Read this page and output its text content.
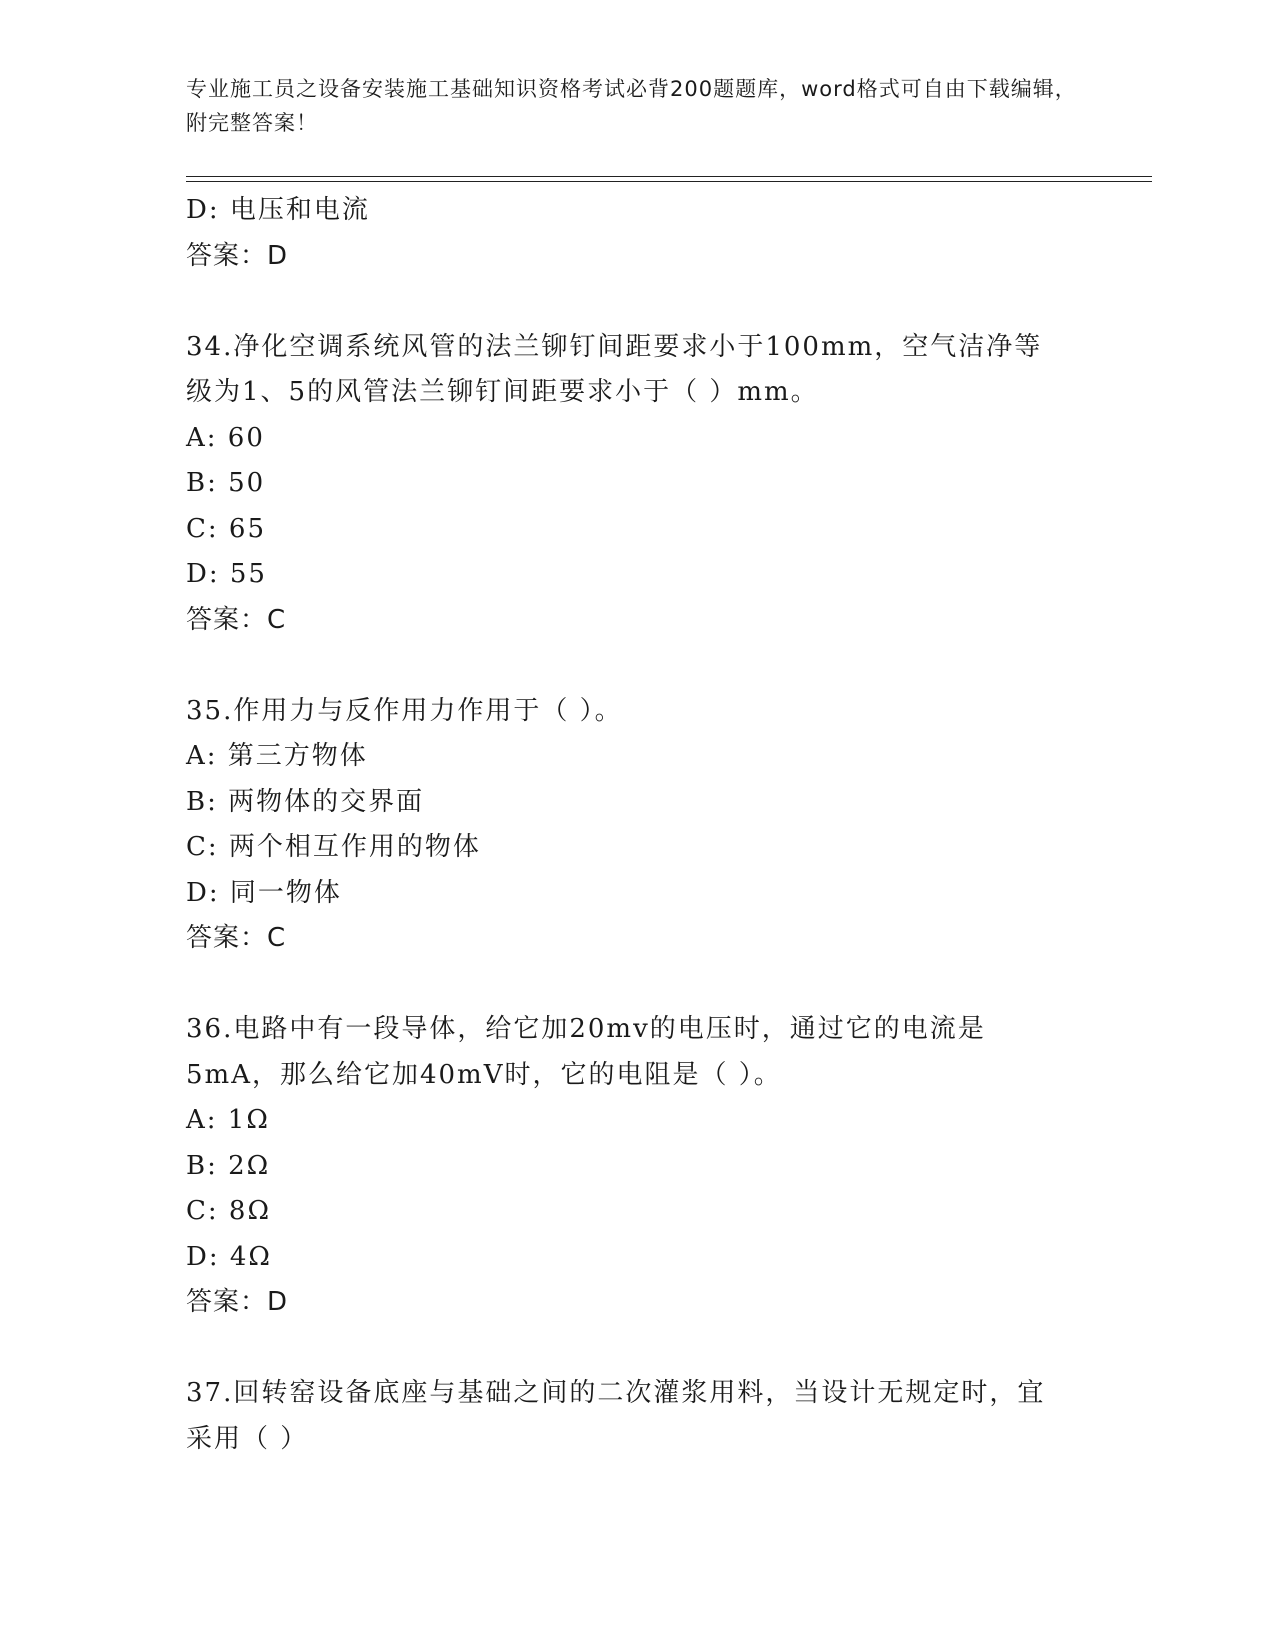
专业施工员之设备安装施工基础知识资格考试必背200题题库，word格式可自由下载编辑，附完整答案！
D: 电压和电流
答案：D
34.净化空调系统风管的法兰铆钉间距要求小于100mm，空气洁净等级为1、5的风管法兰铆钉间距要求小于（ ）mm。
A: 60
B: 50
C: 65
D: 55
答案：C
35.作用力与反作用力作用于（ ）。
A: 第三方物体
B: 两物体的交界面
C: 两个相互作用的物体
D: 同一物体
答案：C
36.电路中有一段导体，给它加20mv的电压时，通过它的电流是5mA，那么给它加40mV时，它的电阻是（ ）。
A: 1Ω
B: 2Ω
C: 8Ω
D: 4Ω
答案：D
37.回转窑设备底座与基础之间的二次灌浆用料，当设计无规定时，宜采用（ ）
